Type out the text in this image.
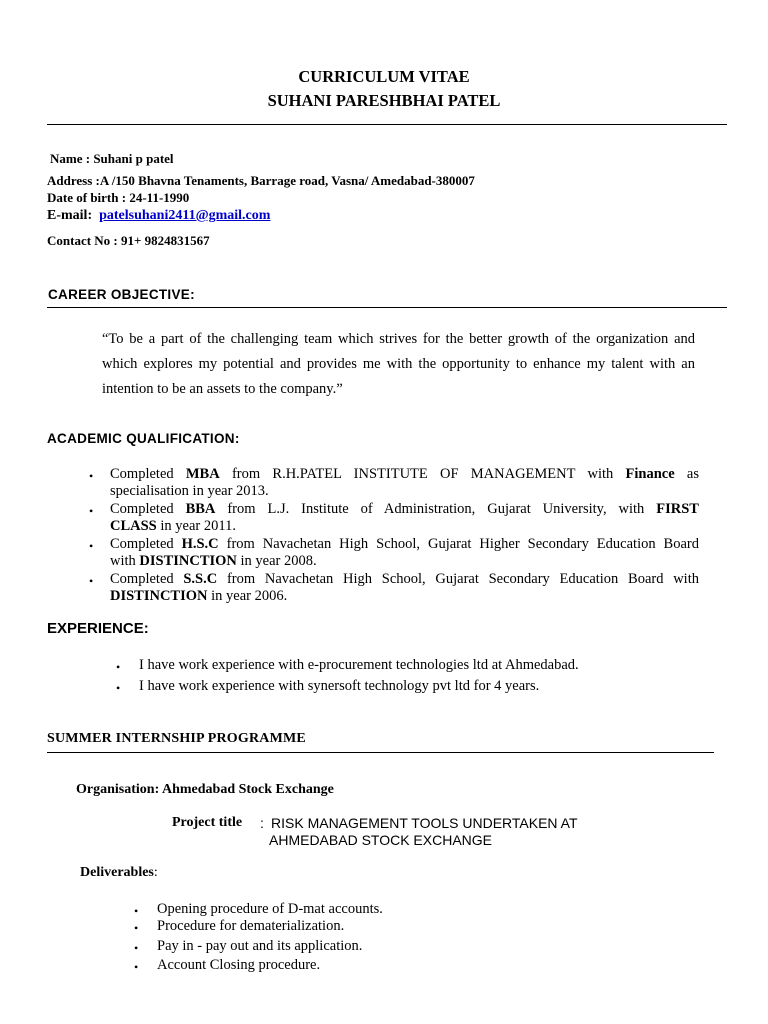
CURRICULUM VITAE
SUHANI PARESHBHAI PATEL
Name : Suhani p patel
Address :A /150 Bhavna Tenaments, Barrage road, Vasna/ Amedabad-380007
Date of birth : 24-11-1990
E-mail: patelsuhani2411@gmail.com
Contact No : 91+ 9824831567
CAREER OBJECTIVE:
“To be a part of the challenging team which strives for the better growth of the organization and
which explores my potential and provides me with the opportunity to enhance my talent with an
intention to be an assets to the company.”
ACADEMIC QUALIFICATION:
• Completed MBA from R.H.PATEL INSTITUTE OF MANAGEMENT with Finance as
specialisation in year 2013.
• Completed BBA from L.J. Institute of Administration, Gujarat University, with FIRST
CLASS in year 2011.
• Completed H.S.C from Navachetan High School, Gujarat Higher Secondary Education Board
with DISTINCTION in year 2008.
• Completed S.S.C from Navachetan High School, Gujarat Secondary Education Board with
DISTINCTION in year 2006.
EXPERIENCE:
• I have work experience with e-procurement technologies ltd at Ahmedabad.
• I have work experience with synersoft technology pvt ltd for 4 years.
SUMMER INTERNSHIP PROGRAMME
Organisation: Ahmedabad Stock Exchange
Project title : RISK MANAGEMENT TOOLS UNDERTAKEN AT
AHMEDABAD STOCK EXCHANGE
Deliverables:
• Opening procedure of D-mat accounts.
• Procedure for dematerialization.
• Pay in - pay out and its application.
• Account Closing procedure.
